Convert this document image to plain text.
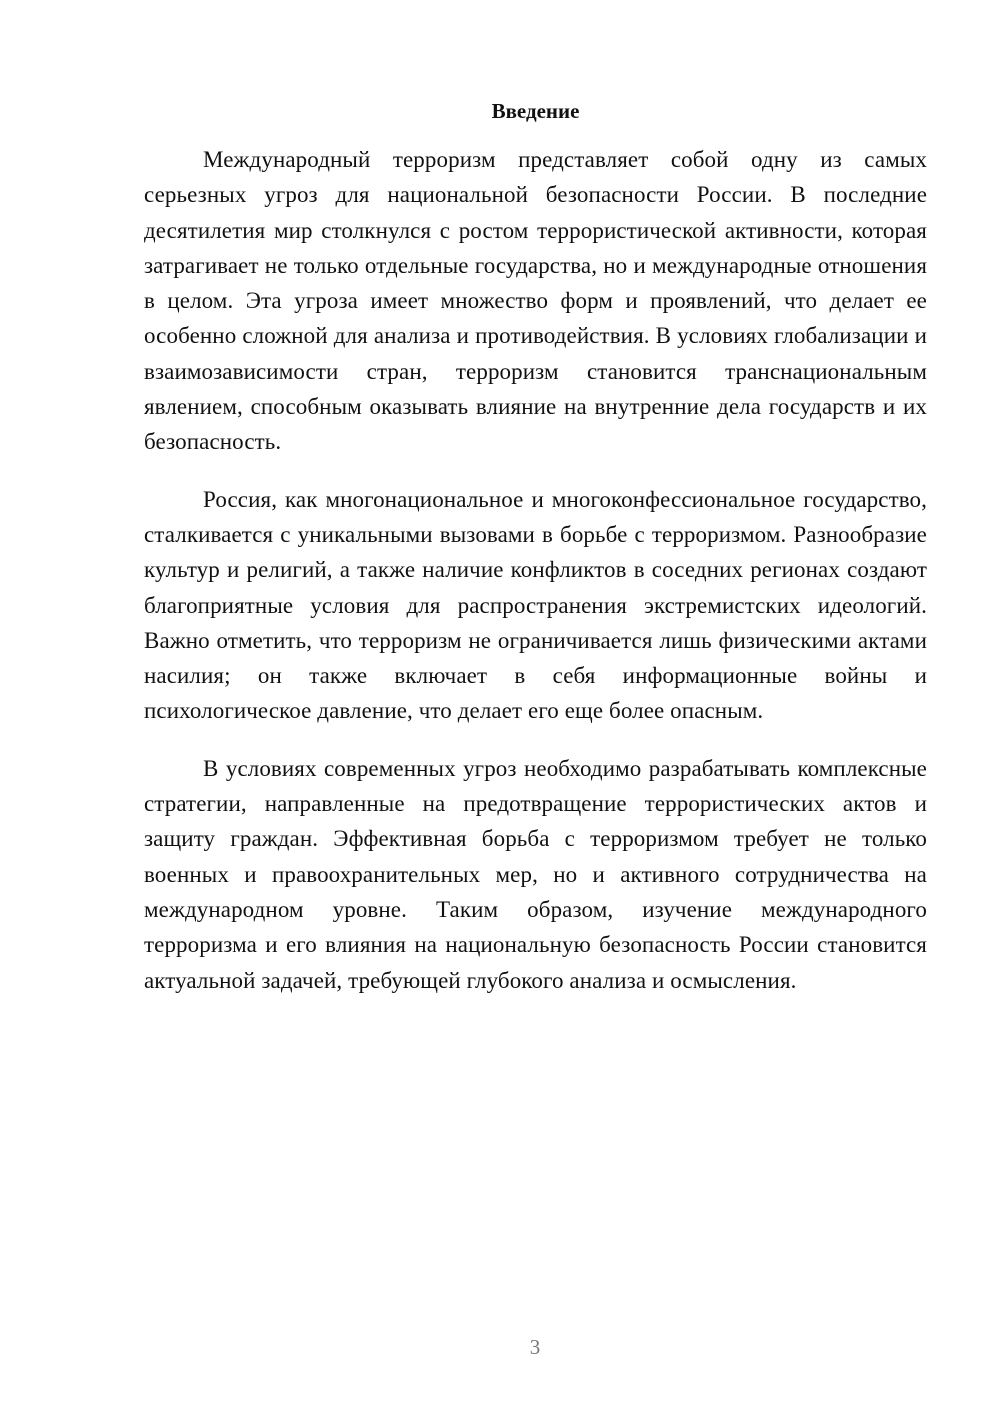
Введение

Международный терроризм представляет собой одну из самых серьезных угроз для национальной безопасности России. В последние десятилетия мир столкнулся с ростом террористической активности, которая затрагивает не только отдельные государства, но и международные отношения в целом. Эта угроза имеет множество форм и проявлений, что делает ее особенно сложной для анализа и противодействия. В условиях глобализации и взаимозависимости стран, терроризм становится транснациональным явлением, способным оказывать влияние на внутренние дела государств и их безопасность.

Россия, как многонациональное и многоконфессиональное государство, сталкивается с уникальными вызовами в борьбе с терроризмом. Разнообразие культур и религий, а также наличие конфликтов в соседних регионах создают благоприятные условия для распространения экстремистских идеологий. Важно отметить, что терроризм не ограничивается лишь физическими актами насилия; он также включает в себя информационные войны и психологическое давление, что делает его еще более опасным.

В условиях современных угроз необходимо разрабатывать комплексные стратегии, направленные на предотвращение террористических актов и защиту граждан. Эффективная борьба с терроризмом требует не только военных и правоохранительных мер, но и активного сотрудничества на международном уровне. Таким образом, изучение международного терроризма и его влияния на национальную безопасность России становится актуальной задачей, требующей глубокого анализа и осмысления.

3
